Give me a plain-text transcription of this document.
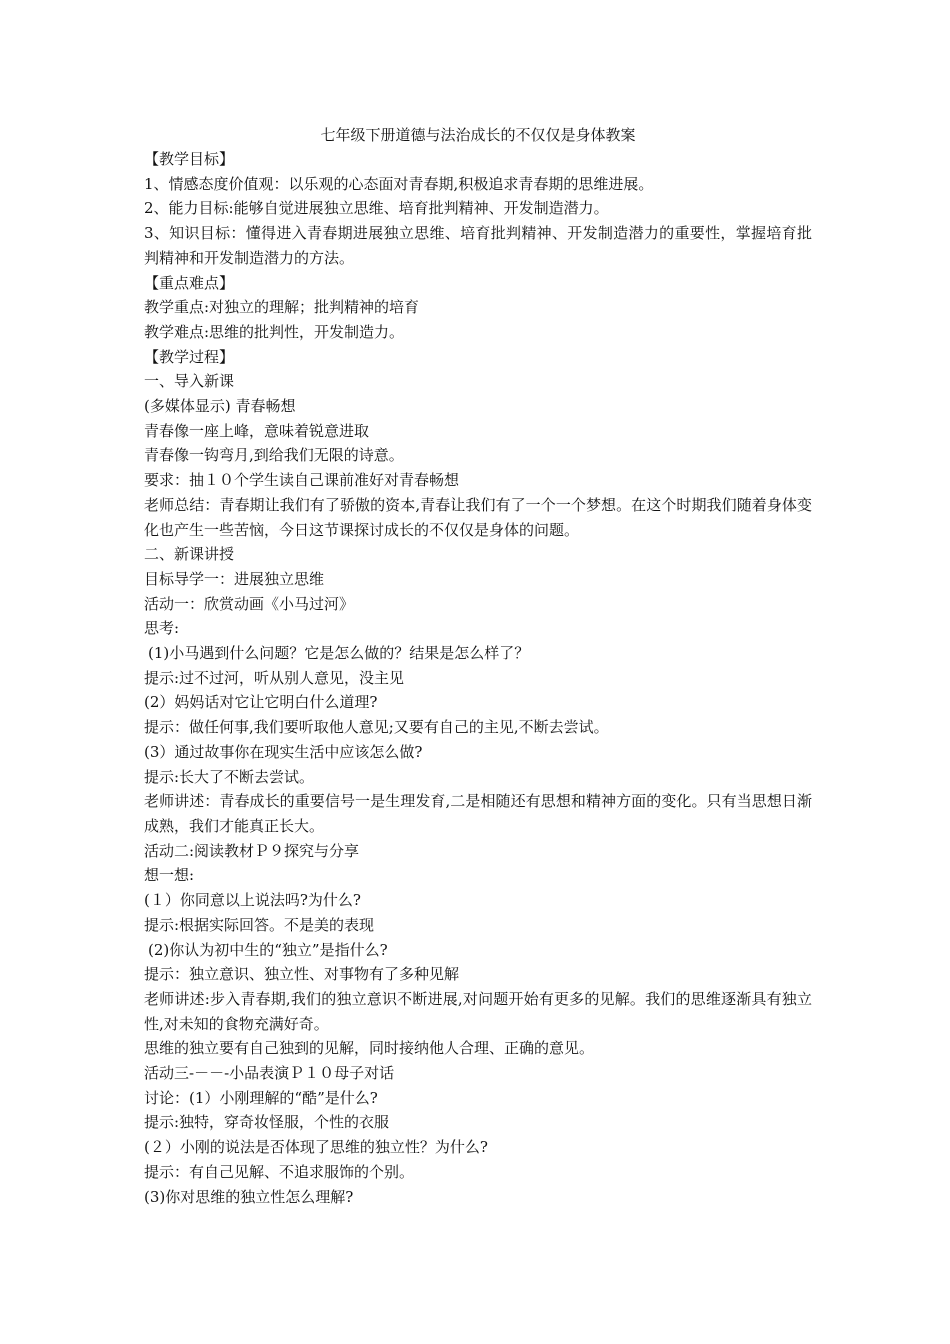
七年级下册道德与法治成长的不仅仅是身体教案

【教学目标】

1、情感态度价值观：以乐观的心态面对青春期,积极追求青春期的思维进展。

2、能力目标:能够自觉进展独立思维、培育批判精神、开发制造潜力。

3、知识目标：懂得进入青春期进展独立思维、培育批判精神、开发制造潜力的重要性，掌握培育批判精神和开发制造潜力的方法。

【重点难点】

教学重点:对独立的理解；批判精神的培育

教学难点:思维的批判性，开发制造力。

【教学过程】

一、导入新课

(多媒体显示) 青春畅想

青春像一座上峰，意味着锐意进取

青春像一钩弯月,到给我们无限的诗意。

要求：抽１０个学生读自己课前准好对青春畅想

老师总结：青春期让我们有了骄傲的资本,青春让我们有了一个一个梦想。在这个时期我们随着身体变化也产生一些苦恼，今日这节课探讨成长的不仅仅是身体的问题。

二、新课讲授

目标导学一：进展独立思维

活动一：欣赏动画《小马过河》

思考:

(1)小马遇到什么问题？它是怎么做的？结果是怎么样了？

提示:过不过河，听从别人意见，没主见

(2）妈妈话对它让它明白什么道理?

提示：做任何事,我们要听取他人意见;又要有自己的主见,不断去尝试。

(3）通过故事你在现实生活中应该怎么做?

提示:长大了不断去尝试。

老师讲述：青春成长的重要信号一是生理发育,二是相随还有思想和精神方面的变化。只有当思想日渐成熟，我们才能真正长大。

活动二:阅读教材Ｐ９探究与分享

想一想:

(１）你同意以上说法吗?为什么?

提示:根据实际回答。不是美的表现

(2)你认为初中生的“独立”是指什么?

提示：独立意识、独立性、对事物有了多种见解

老师讲述:步入青春期,我们的独立意识不断进展,对问题开始有更多的见解。我们的思维逐渐具有独立性,对未知的食物充满好奇。

思维的独立要有自己独到的见解，同时接纳他人合理、正确的意见。

活动三-－－-小品表演Ｐ１０母子对话

讨论：(1）小刚理解的“酷”是什么?

提示:独特，穿奇妆怪服，个性的衣服

(２）小刚的说法是否体现了思维的独立性？为什么?

提示：有自己见解、不追求服饰的个别。

(3)你对思维的独立性怎么理解?
